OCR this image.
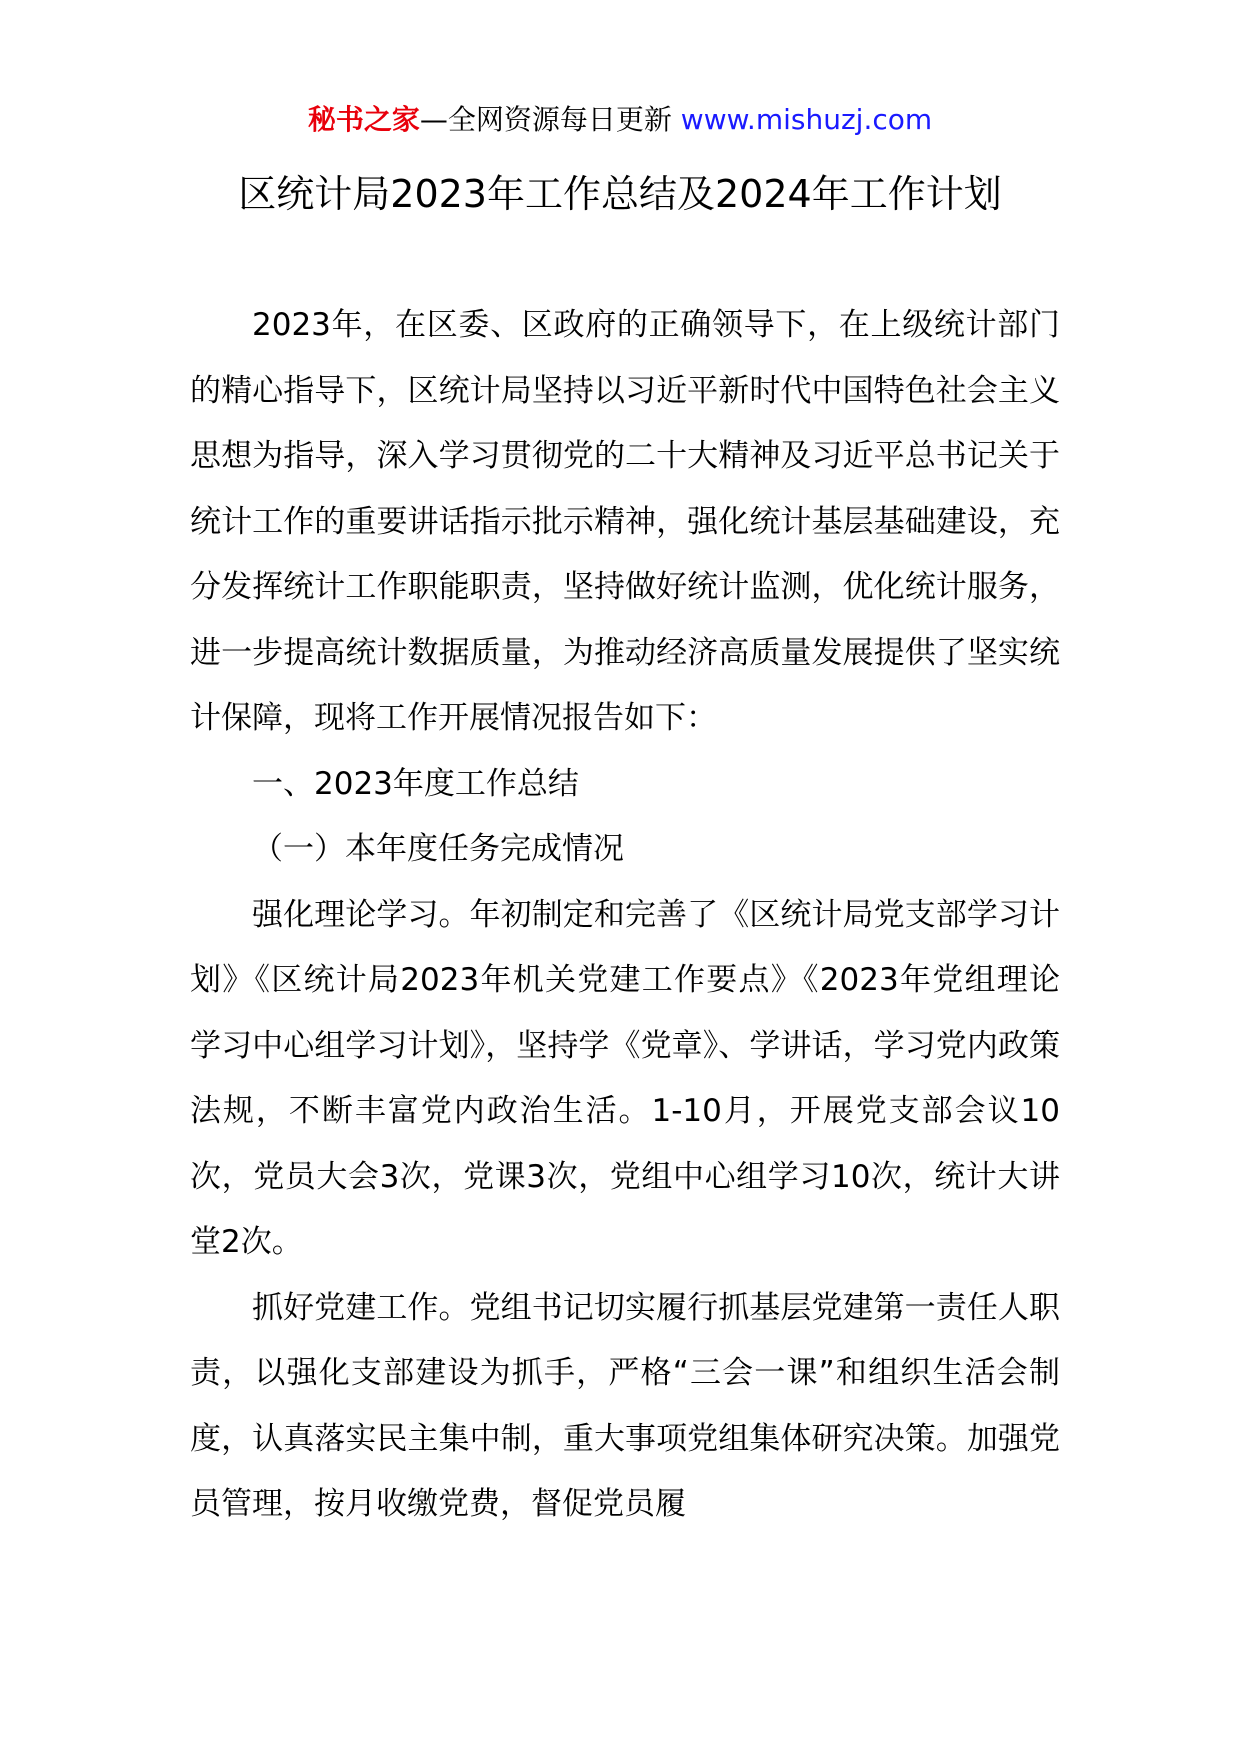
秘书之家—全网资源每日更新 www.mishuzj.com
区统计局2023年工作总结及2024年工作计划

2023年，在区委、区政府的正确领导下，在上级统计部门的精心指导下，区统计局坚持以习近平新时代中国特色社会主义思想为指导，深入学习贯彻党的二十大精神及习近平总书记关于统计工作的重要讲话指示批示精神，强化统计基层基础建设，充分发挥统计工作职能职责，坚持做好统计监测，优化统计服务，进一步提高统计数据质量，为推动经济高质量发展提供了坚实统计保障，现将工作开展情况报告如下：

一、2023年度工作总结

（一）本年度任务完成情况

强化理论学习。年初制定和完善了《区统计局党支部学习计划》《区统计局2023年机关党建工作要点》《2023年党组理论学习中心组学习计划》，坚持学《党章》、学讲话，学习党内政策法规，不断丰富党内政治生活。1-10月，开展党支部会议10次，党员大会3次，党课3次，党组中心组学习10次，统计大讲堂2次。

抓好党建工作。党组书记切实履行抓基层党建第一责任人职责，以强化支部建设为抓手，严格“三会一课”和组织生活会制度，认真落实民主集中制，重大事项党组集体研究决策。加强党员管理，按月收缴党费，督促党员履
